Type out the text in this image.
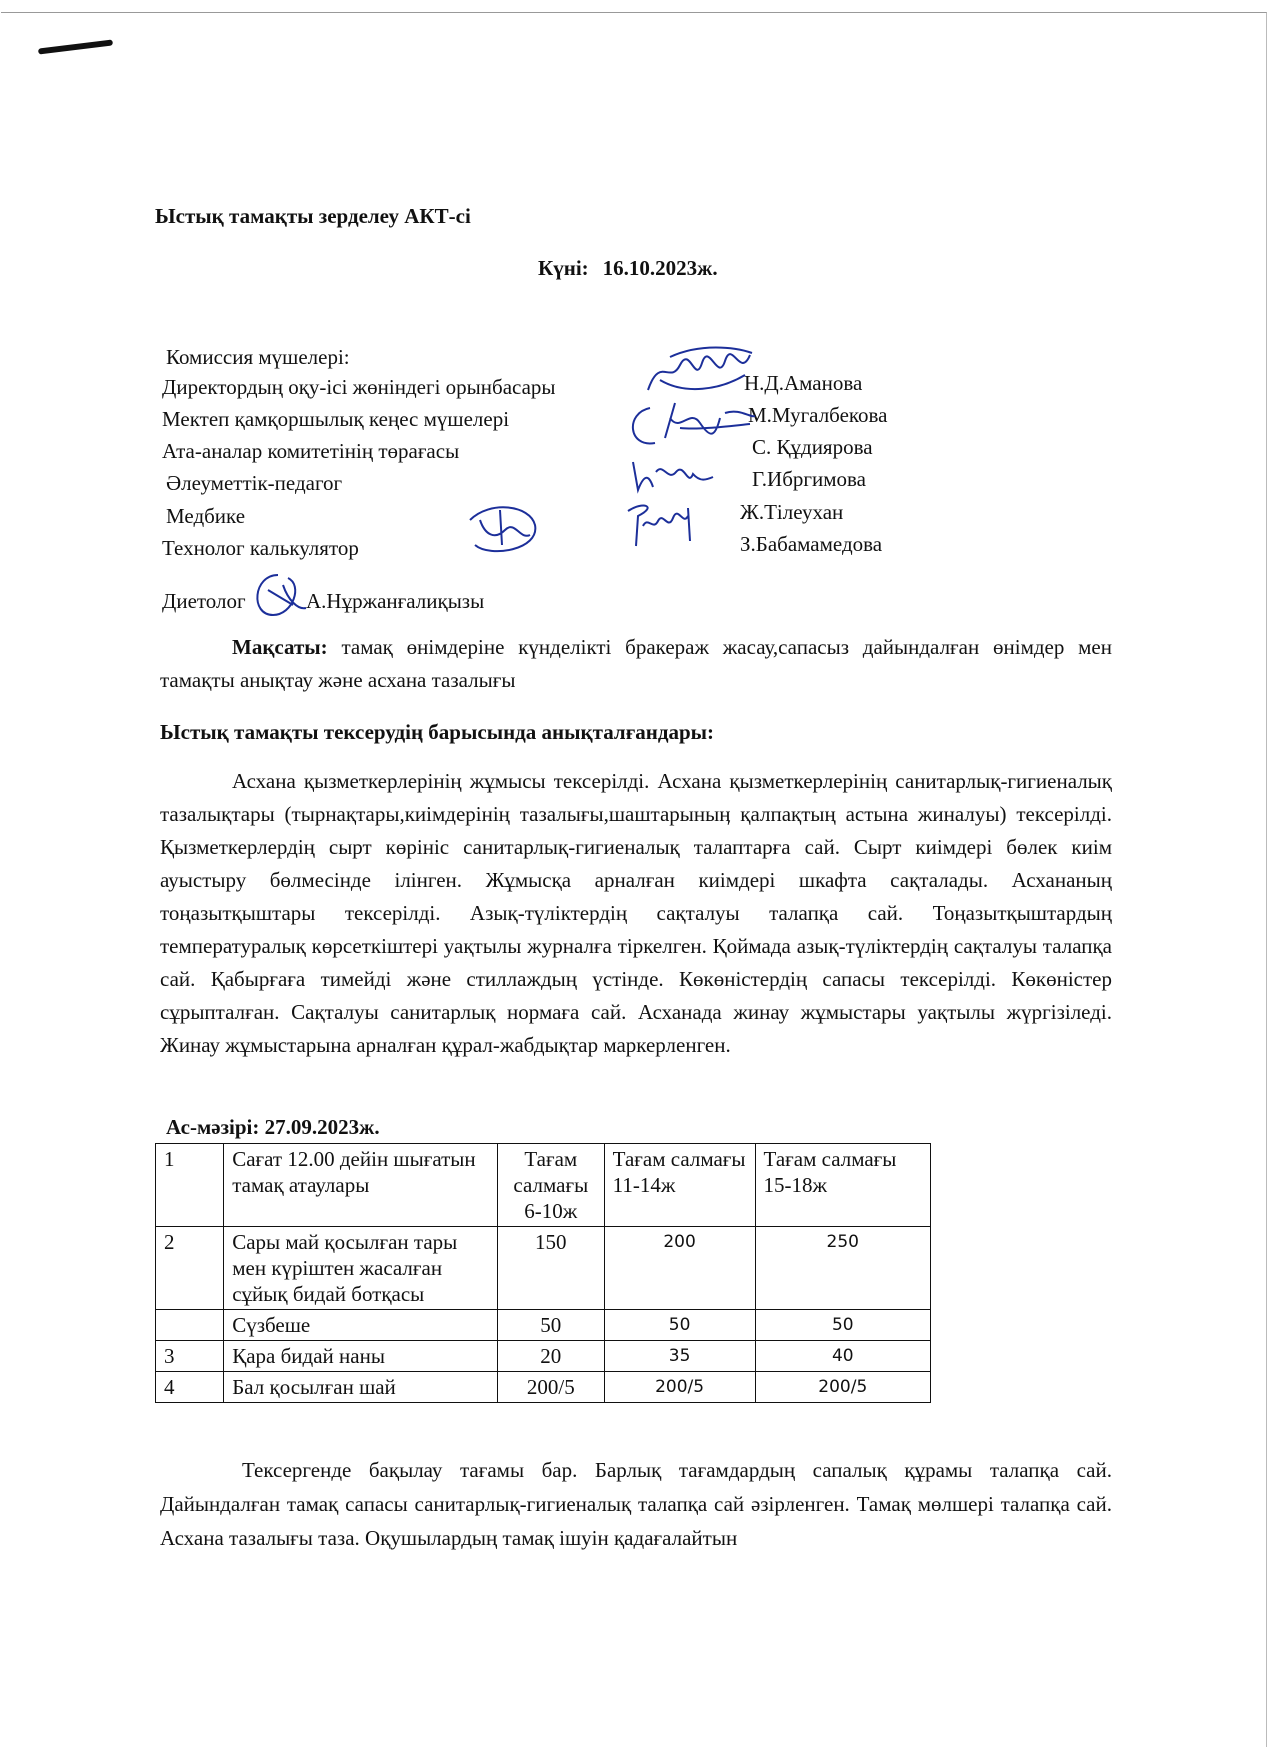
Ыстық тамақты зерделеу АКТ-сі

Күні: 16.10.2023ж.

Комиссия мүшелері:
Директордың оқу-ісі жөніндегі орынбасары	Н.Д.Аманова
Мектеп қамқоршылық кеңес мүшелері	М.Мугалбекова
Ата-аналар комитетінің төрағасы	С. Құдиярова
Әлеуметтік-педагог	Г.Ибргимова
Медбике	Ж.Тілеухан
Технолог калькулятор	З.Бабамамедова
Диетолог	А.Нұржанғалиқызы

Мақсаты: тамақ өнімдеріне күнделікті бракераж жасау,сапасыз дайындалған өнімдер мен тамақты анықтау және асхана тазалығы

Ыстық тамақты тексерудің барысында анықталғандары:

Асхана қызметкерлерінің жұмысы тексерілді. Асхана қызметкерлерінің санитарлық-гигиеналық тазалықтары (тырнақтары,киімдерінің тазалығы,шаштарыныӊ қалпақтың астына жиналуы) тексерілді. Қызметкерлердің сырт көрініс санитарлық-гигиеналық талаптарға сай. Сырт киімдері бөлек киім ауыстыру бөлмесінде ілінген. Жұмысқа арналған киімдері шкафта сақталады. Асхананың тоңазытқыштары тексерілді. Азық-түліктердің сақталуы талапқа сай. Тоңазытқыштардың температуралық көрсеткіштері уақтылы журналға тіркелген. Қоймада азық-түліктердің сақталуы талапқа сай. Қабырғаға тимейді және стиллаждың үстінде. Көкөністердің сапасы тексерілді. Көкөністер сұрыпталған. Сақталуы санитарлық нормаға сай. Асханада жинау жұмыстары уақтылы жүргізіледі. Жинау жұмыстарына арналған құрал-жабдықтар маркерленген.

Ас-мәзірі: 27.09.2023ж.

1	Сағат 12.00 дейін шығатын тамақ атаулары	Тағам салмағы 6-10ж	Тағам салмағы 11-14ж	Тағам салмағы 15-18ж
2	Сары май қосылған тары мен күріштен жасалған сұйық бидай ботқасы	150	200	250
	Сүзбеше	50	50	50
3	Қара бидай наны	20	35	40
4	Бал қосылған шай	200/5	200/5	200/5

Тексергенде бақылау тағамы бар. Барлық тағамдардың сапалық құрамы талапқа сай. Дайындалған тамақ сапасы санитарлық-гигиеналық талапқа сай әзірленген. Тамақ мөлшері талапқа сай. Асхана тазалығы таза. Оқушылардың тамақ ішуін қадағалайтын
